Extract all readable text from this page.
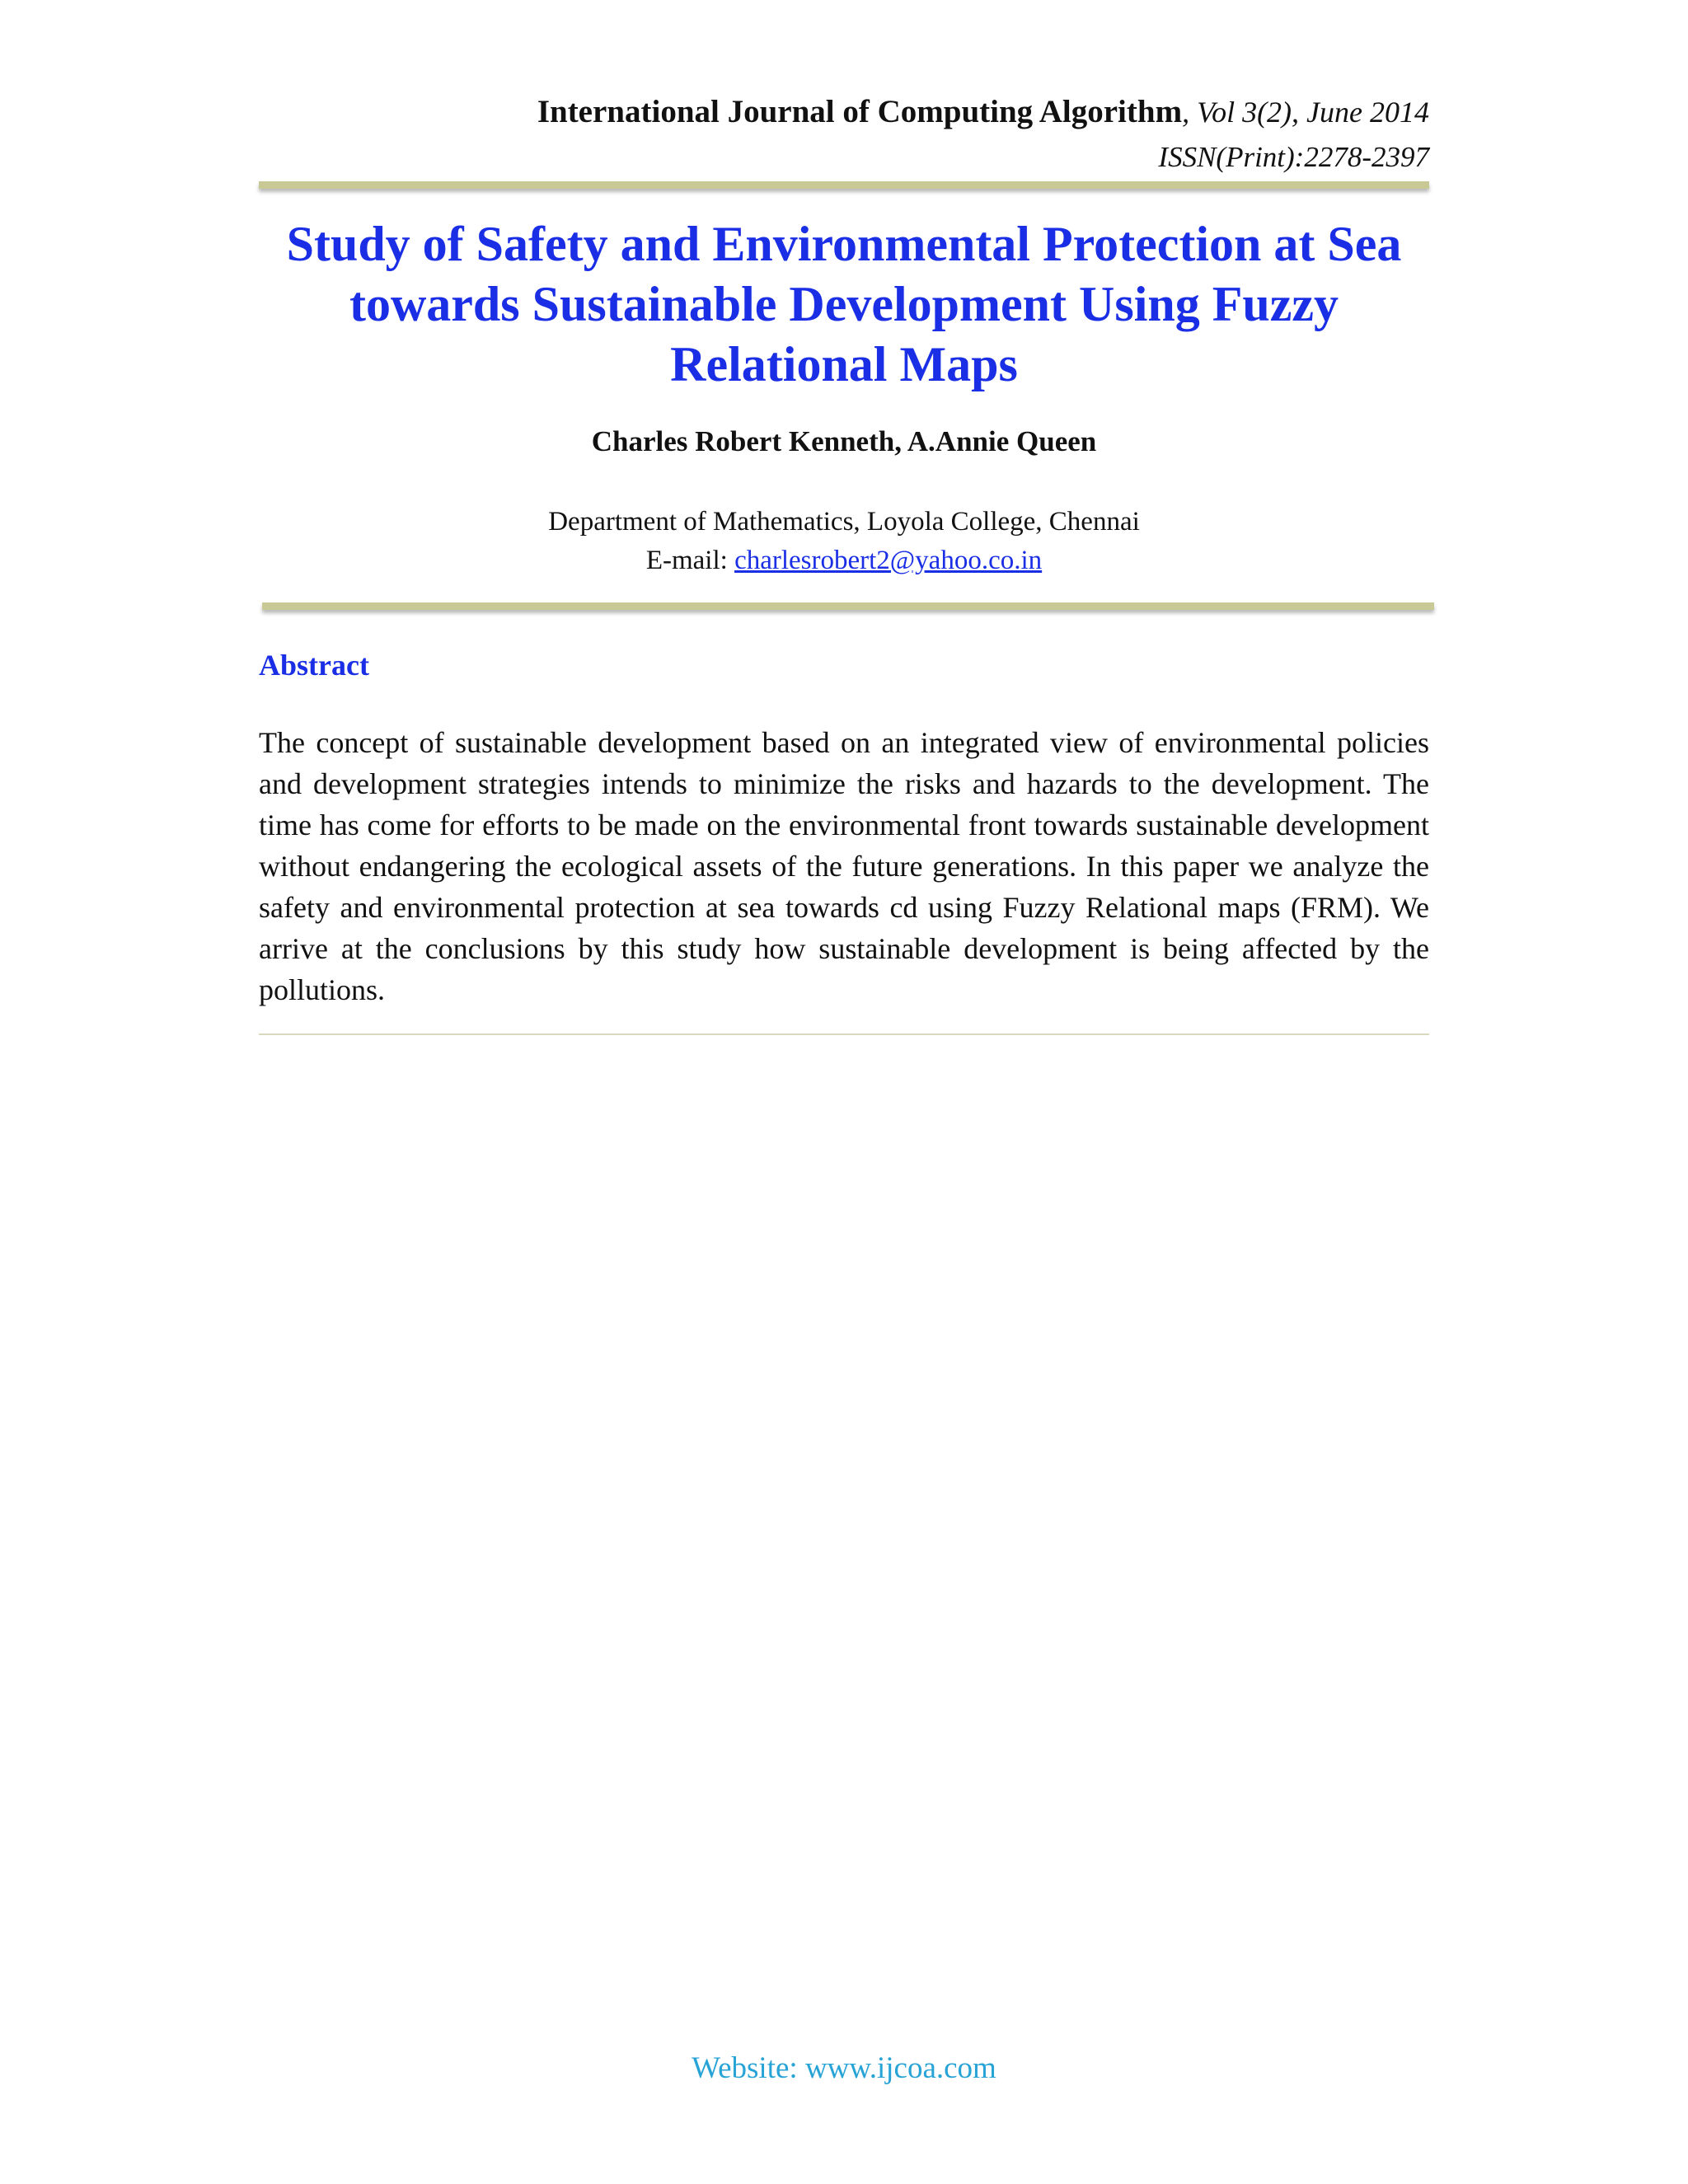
International Journal of Computing Algorithm, Vol 3(2), June 2014

ISSN(Print):2278-2397

Study of Safety and Environmental Protection at Sea towards Sustainable Development Using Fuzzy Relational Maps

Charles Robert Kenneth, A.Annie Queen

Department of Mathematics, Loyola College, Chennai
E-mail: charlesrobert2@yahoo.co.in
Abstract

The concept of sustainable development based on an integrated view of environmental policies and development strategies intends to minimize the risks and hazards to the development. The time has come for efforts to be made on the environmental front towards sustainable development without endangering the ecological assets of the future generations. In this paper we analyze the safety and environmental protection at sea towards cd using Fuzzy Relational maps (FRM). We arrive at the conclusions by this study how sustainable development is being affected by the pollutions.

Website: www.ijcoa.com
